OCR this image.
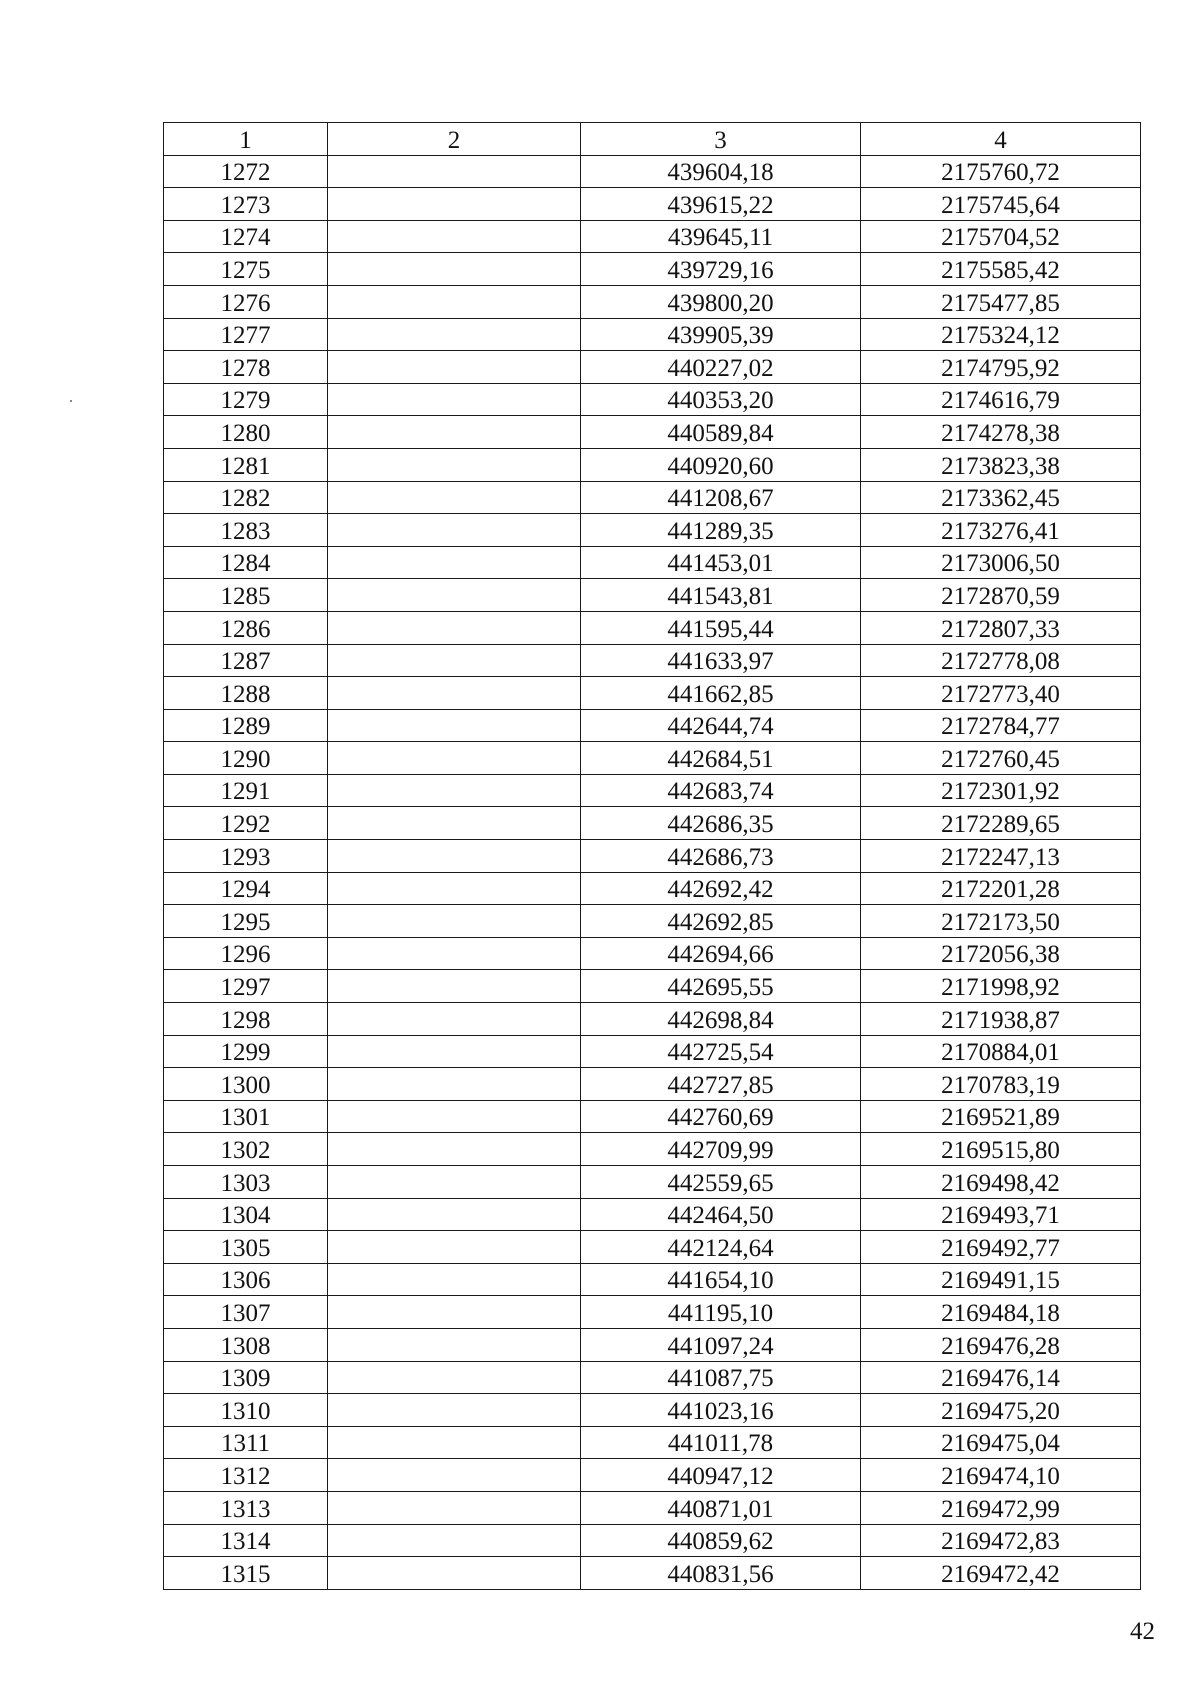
1	2	3	4
1272		439604,18	2175760,72
1273		439615,22	2175745,64
1274		439645,11	2175704,52
1275		439729,16	2175585,42
1276		439800,20	2175477,85
1277		439905,39	2175324,12
1278		440227,02	2174795,92
1279		440353,20	2174616,79
1280		440589,84	2174278,38
1281		440920,60	2173823,38
1282		441208,67	2173362,45
1283		441289,35	2173276,41
1284		441453,01	2173006,50
1285		441543,81	2172870,59
1286		441595,44	2172807,33
1287		441633,97	2172778,08
1288		441662,85	2172773,40
1289		442644,74	2172784,77
1290		442684,51	2172760,45
1291		442683,74	2172301,92
1292		442686,35	2172289,65
1293		442686,73	2172247,13
1294		442692,42	2172201,28
1295		442692,85	2172173,50
1296		442694,66	2172056,38
1297		442695,55	2171998,92
1298		442698,84	2171938,87
1299		442725,54	2170884,01
1300		442727,85	2170783,19
1301		442760,69	2169521,89
1302		442709,99	2169515,80
1303		442559,65	2169498,42
1304		442464,50	2169493,71
1305		442124,64	2169492,77
1306		441654,10	2169491,15
1307		441195,10	2169484,18
1308		441097,24	2169476,28
1309		441087,75	2169476,14
1310		441023,16	2169475,20
1311		441011,78	2169475,04
1312		440947,12	2169474,10
1313		440871,01	2169472,99
1314		440859,62	2169472,83
1315		440831,56	2169472,42
42
